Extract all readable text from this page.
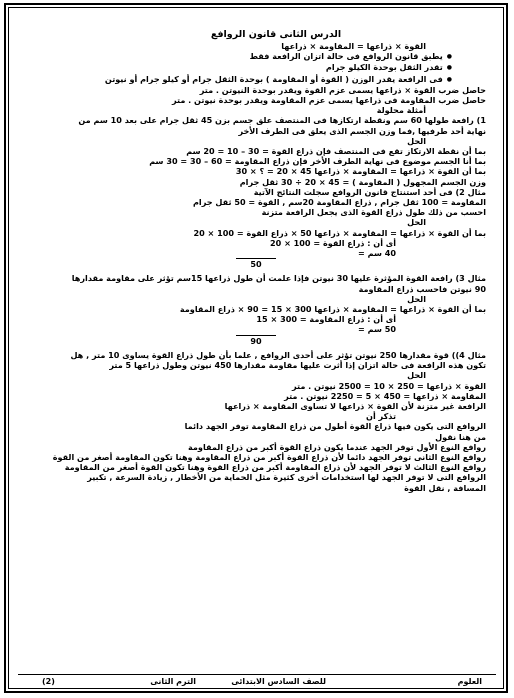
الدرس الثانى قانون الروافع
القوة × ذراعها = المقاومة × ذراعها
● يطبق قانون الروافع فى حالة اتزان الرافعة فقط
● تقدر الثقل بوحدة الكيلو جرام
● فى الرافعة يقدر الوزن ( القوة أو المقاومة ) بوحدة الثقل جرام أو كيلو جرام أو نيوتن
حاصل ضرب القوة × ذراعها يسمى عزم القوة ويقدر بوحدة النيوتن . متر
حاصل ضرب المقاومة فى ذراعها يسمى عزم المقاومة ويقدر بوحدة نيوتن . متر
أمثلة محلولة
1) رافعة طولها 60 سم ونقطة ارتكازها فى المنتصف علق جسم بزن 45 ثقل جرام على بعد 10 سم من
نهاية أحد طرفيها ,فما وزن الجسم الذى يعلق فى الطرف الأخر
الحل
بما أن نقطة الارتكاز تقع فى المنتصف فإن ذراع القوة = 30 – 10 = 20 سم
بما أنا الجسم موضوع فى نهاية الطرف الأخر فإن ذراع المقاومة = 60 – 30 = 30 سم
بما أن القوة × ذراعها = المقاومة × ذراعها 45 × 20 = ؟ × 30
وزن الجسم المجهول ( المقاومة ) = 45 × 20 ÷ 30 ثقل جرام
مثال 2) فى أحد استنتاج قانون الروافع سجلت النتائج الآتية
المقاومة = 100 ثقل جرام , ذراع المقاومة 20سم , القوة = 50 ثقل جرام
احسب من ذلك طول ذراع القوة الذى يجعل الرافعة متزنة
الحل
بما أن القوة × ذراعها = المقاومة × ذراعها 50 × ذراع القوة = 100 × 20
أى أن : ذراع القوة = 100 × 20
40 سم =
50
مثال 3) رافعة القوة المؤثرة عليها 30 نيوتن فإذا علمت أن طول ذراعها 15سم تؤثر على مقاومة مقدارها
90 نيوتن فاحسب ذراع المقاومة
الحل
بما أن القوة × ذراعها = المقاومة × ذراعها 300 × 15 = 90 × ذراع المقاومة
أى أن : ذراع المقاومة = 300 × 15
50 سم =
90
مثال 4)) قوة مقدارها 250 نيوتن تؤثر على أحدى الروافع , علما بأن طول ذراع القوة يساوى 10 متر , هل
تكون هذه الرافعة فى حالة اتزان إذا أثرت عليها مقاومة مقدارها 450 نيوتن وطول ذراعها 5 متر
الحل
القوة × ذراعها = 250 × 10 = 2500 نيوتن . متر
المقاومة × ذراعها = 450 × 5 = 2250 نيوتن . متر
الرافعة غير متزنة لأن القوة × ذراعها لا تساوى المقاومة × ذراعها
تذكر أن
الروافع التى يكون فيها ذراع القوة أطول من ذراع المقاومة توفر الجهد دائما
من هنا نقول
روافع النوع الأول توفر الجهد عندما يكون ذراع القوة أكبر من ذراع المقاومة
روافع النوع الثانى توفر الجهد دائما لأن ذراع القوة أكبر من ذراع المقاومة وهنا تكون المقاومة أصغر من القوة
روافع النوع الثالث لا توفر الجهد لأن ذراع المقاومة أكبر من ذراع القوة وهنا تكون القوة أصغر من المقاومة
الروافع التى لا توفر الجهد لها استخدامات أخرى كثيرة مثل الحماية من الأخطار , زيادة السرعة , تكبير
المسافة , نقل القوة
العلوم
للصف السادس الابتدائى
الترم الثانى
(2)
